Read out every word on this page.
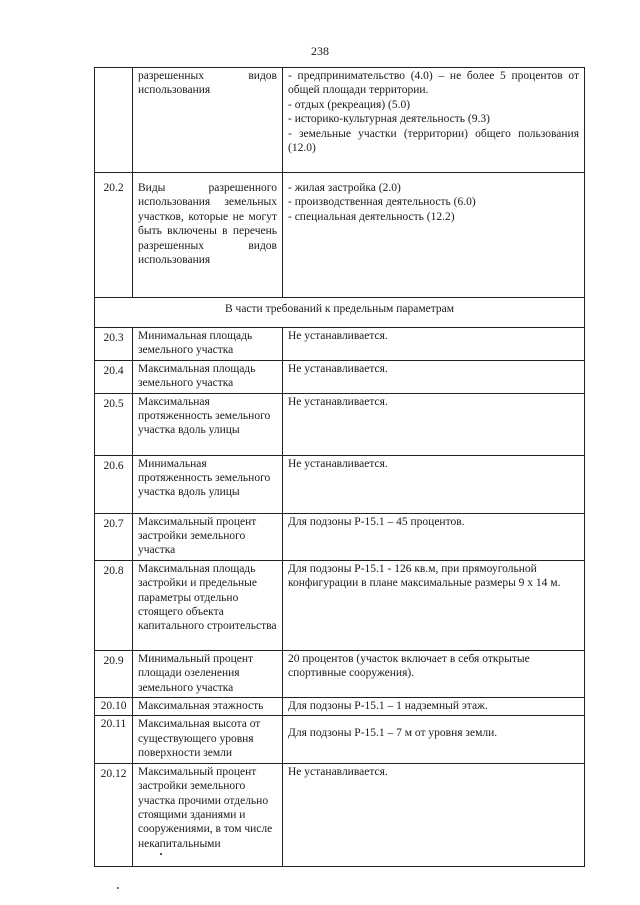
238
	разрешенных видов использования	- предпринимательство (4.0) – не более 5 процентов от общей площади территории.
- отдых (рекреация) (5.0)
- историко-культурная деятельность (9.3)
- земельные участки (территории) общего пользования (12.0)

20.2	Виды разрешенного использования земельных участков, которые не могут быть включены в перечень разрешенных видов использования	- жилая застройка (2.0)
- производственная деятельность (6.0)
- специальная деятельность (12.2)

В части требований к предельным параметрам		
20.3	Минимальная площадь земельного участка	Не устанавливается.
20.4	Максимальная площадь земельного участка	Не устанавливается.
20.5	Максимальная протяженность земельного участка вдоль улицы	Не устанавливается.
20.6	Минимальная протяженность земельного участка вдоль улицы	Не устанавливается.
20.7	Максимальный процент застройки земельного участка	Для подзоны Р-15.1 – 45 процентов.
20.8	Максимальная площадь застройки и предельные параметры отдельно стоящего объекта капитального строительства	Для подзоны Р-15.1 - 126 кв.м, при прямоугольной конфигурации в плане максимальные размеры 9 х 14 м.
20.9	Минимальный процент площади озеленения земельного участка	20 процентов (участок включает в себя открытые спортивные сооружения).
20.10	Максимальная этажность	Для подзоны Р-15.1 – 1 надземный этаж.
20.11	Максимальная высота от существующего уровня поверхности земли	Для подзоны Р-15.1 – 7 м от уровня земли.
20.12	Максимальный процент застройки земельного участка прочими отдельно стоящими зданиями и сооружениями, в том числе некапитальными	Не устанавливается.
